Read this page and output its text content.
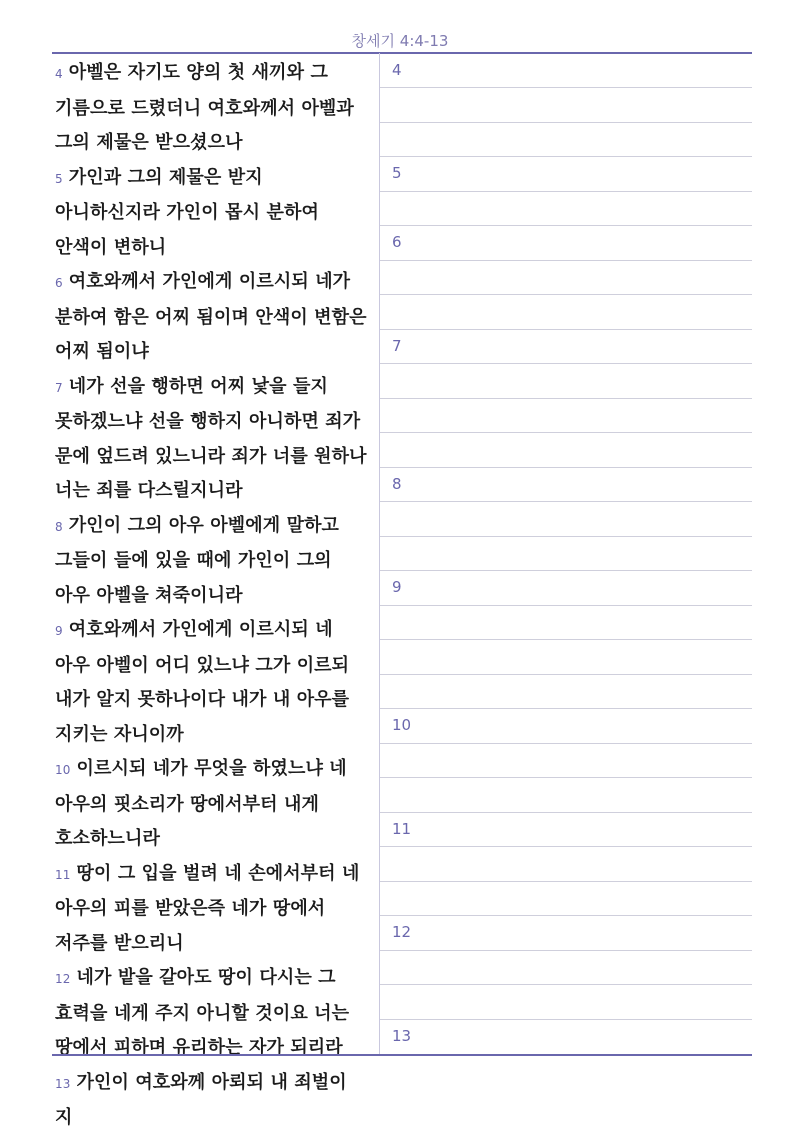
창세기 4:4-13
4 아벨은 자기도 양의 첫 새끼와 그 기름으로 드렸더니 여호와께서 아벨과 그의 제물은 받으셨으나
5 가인과 그의 제물은 받지 아니하신지라 가인이 몹시 분하여 안색이 변하니
6 여호와께서 가인에게 이르시되 네가 분하여 함은 어찌 됨이며 안색이 변함은 어찌 됨이냐
7 네가 선을 행하면 어찌 낯을 들지 못하겠느냐 선을 행하지 아니하면 죄가 문에 엎드려 있느니라 죄가 너를 원하나 너는 죄를 다스릴지니라
8 가인이 그의 아우 아벨에게 말하고 그들이 들에 있을 때에 가인이 그의 아우 아벨을 쳐죽이니라
9 여호와께서 가인에게 이르시되 네 아우 아벨이 어디 있느냐 그가 이르되 내가 알지 못하나이다 내가 내 아우를 지키는 자니이까
10 이르시되 네가 무엇을 하였느냐 네 아우의 핏소리가 땅에서부터 내게 호소하느니라
11 땅이 그 입을 벌려 네 손에서부터 네 아우의 피를 받았은즉 네가 땅에서 저주를 받으리니
12 네가 밭을 갈아도 땅이 다시는 그 효력을 네게 주지 아니할 것이요 너는 땅에서 피하며 유리하는 자가 되리라
13 가인이 여호와께 아뢰되 내 죄벌이 지
4
5
6
7
8
9
10
11
12
13
